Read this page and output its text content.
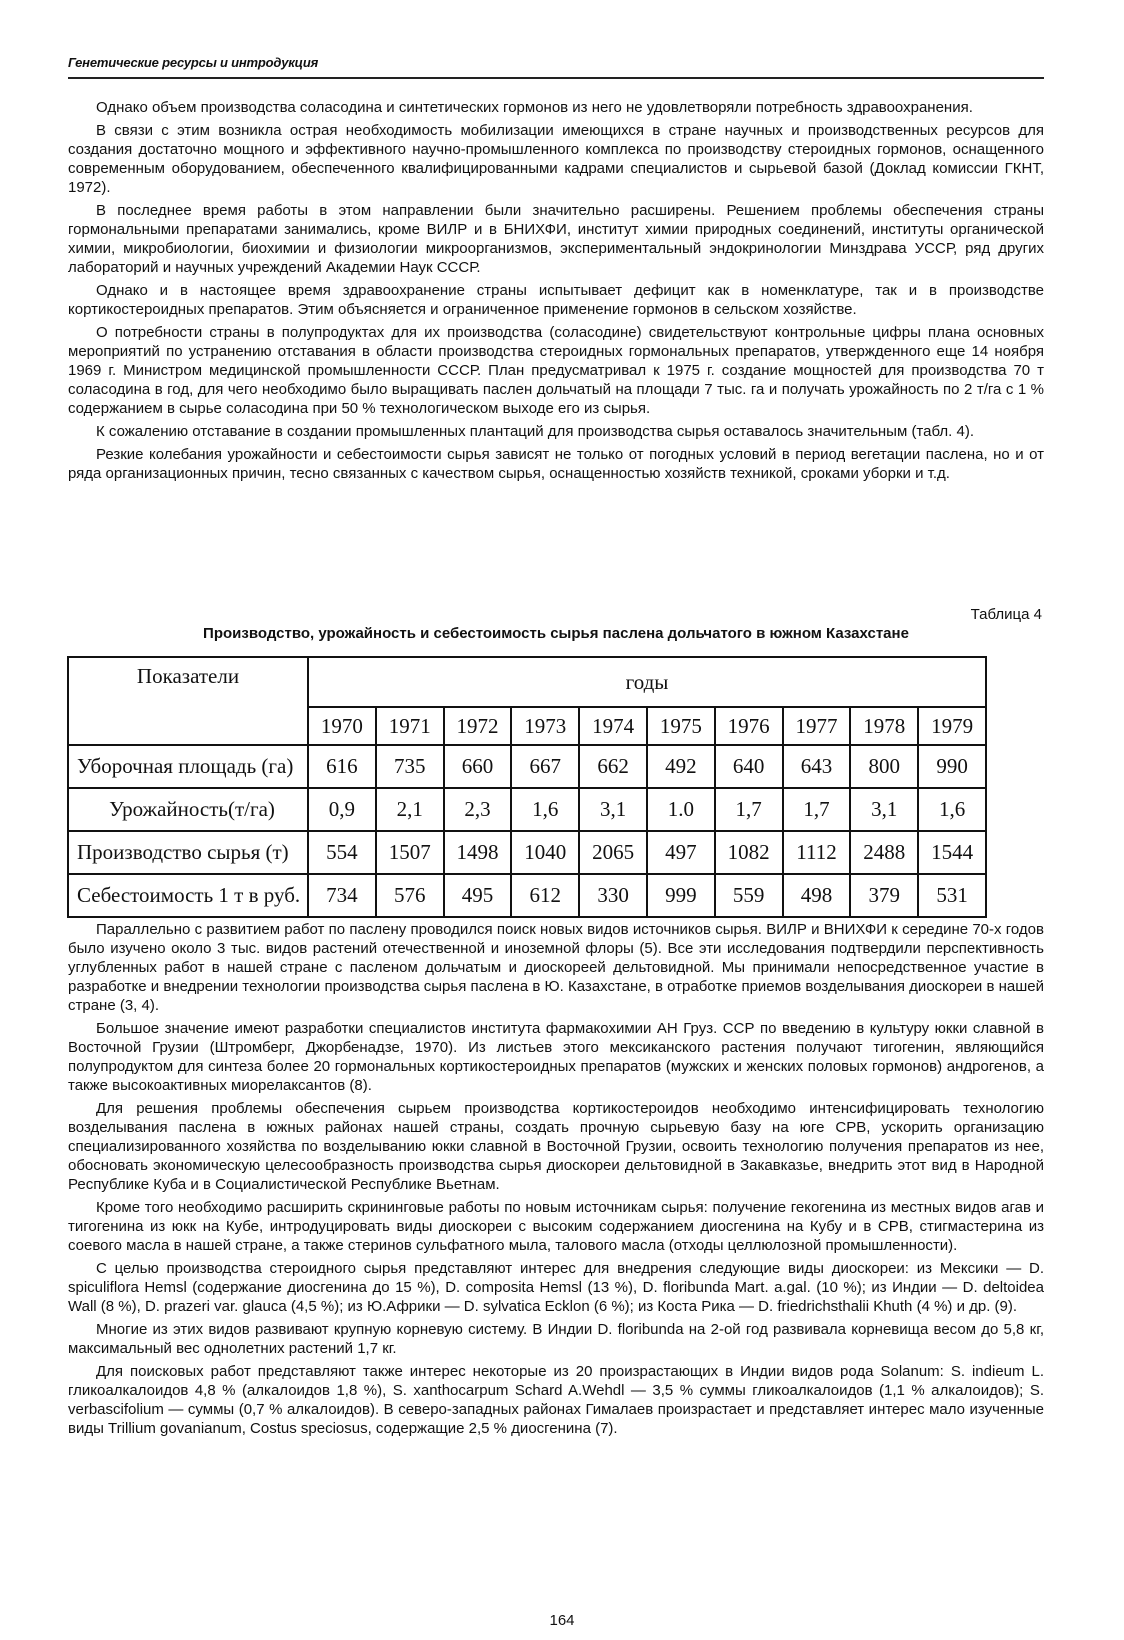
Генетические ресурсы и интродукция

Однако объем производства соласодина и синтетических гормонов из него не удовлетворяли потребность здравоохранения.

В связи с этим возникла острая необходимость мобилизации имеющихся в стране научных и производственных ресурсов для создания достаточно мощного и эффективного научно-промышленного комплекса по производству стероидных гормонов, оснащенного современным оборудованием, обеспеченного квалифицированными кадрами специалистов и сырьевой базой (Доклад комиссии ГКНТ, 1972).

В последнее время работы в этом направлении были значительно расширены. Решением проблемы обеспечения страны гормональными препаратами занимались, кроме ВИЛР и в БНИХФИ, институт химии природных соединений, институты органической химии, микробиологии, биохимии и физиологии микроорганизмов, экспериментальный эндокринологии Минздрава УССР, ряд других лабораторий и научных учреждений Академии Наук СССР.

Однако и в настоящее время здравоохранение страны испытывает дефицит как в номенклатуре, так и в производстве кортикостероидных препаратов. Этим объясняется и ограниченное применение гормонов в сельском хозяйстве.

О потребности страны в полупродуктах для их производства (соласодине) свидетельствуют контрольные цифры плана основных мероприятий по устранению отставания в области производства стероидных гормональных препаратов, утвержденного еще 14 ноября 1969 г. Министром медицинской промышленности СССР. План предусматривал к 1975 г. создание мощностей для производства 70 т соласодина в год, для чего необходимо было выращивать паслен дольчатый на площади 7 тыс. га и получать урожайность по 2 т/га с 1 % содержанием в сырье соласодина при 50 % технологическом выходе его из сырья.

К сожалению отставание в создании промышленных плантаций для производства сырья оставалось значительным (табл. 4).

Резкие колебания урожайности и себестоимости сырья зависят не только от погодных условий в период вегетации паслена, но и от ряда организационных причин, тесно связанных с качеством сырья, оснащенностью хозяйств техникой, сроками уборки и т.д.

Таблица 4
Производство, урожайность и себестоимость сырья паслена дольчатого в южном Казахстане
Показатели	годы									
	1970	1971	1972	1973	1974	1975	1976	1977	1978	1979
Уборочная площадь (га)	616	735	660	667	662	492	640	643	800	990
Урожайность(т/га)	0,9	2,1	2,3	1,6	3,1	1.0	1,7	1,7	3,1	1,6
Производство сырья (т)	554	1507	1498	1040	2065	497	1082	1112	2488	1544
Себестоимость 1 т в руб.	734	576	495	612	330	999	559	498	379	531

Параллельно с развитием работ по паслену проводился поиск новых видов источников сырья. ВИЛР и ВНИХФИ к середине 70-х годов было изучено около 3 тыс. видов растений отечественной и иноземной флоры (5). Все эти исследования подтвердили перспективность углубленных работ в нашей стране с пасленом дольчатым и диоскореей дельтовидной. Мы принимали непосредственное участие в разработке и внедрении технологии производства сырья паслена в Ю. Казахстане, в отработке приемов возделывания диоскореи в нашей стране (3, 4).

Большое значение имеют разработки специалистов института фармакохимии АН Груз. ССР по введению в культуру юкки славной в Восточной Грузии (Штромберг, Джорбенадзе, 1970). Из листьев этого мексиканского растения получают тигогенин, являющийся полупродуктом для синтеза более 20 гормональных кортикостероидных препаратов (мужских и женских половых гормонов) андрогенов, а также высокоактивных миорелаксантов (8).

Для решения проблемы обеспечения сырьем производства кортикостероидов необходимо интенсифицировать технологию возделывания паслена в южных районах нашей страны, создать прочную сырьевую базу на юге СРВ, ускорить организацию специализированного хозяйства по возделыванию юкки славной в Восточной Грузии, освоить технологию получения препаратов из нее, обосновать экономическую целесообразность производства сырья диоскореи дельтовидной в Закавказье, внедрить этот вид в Народной Республике Куба и в Социалистической Республике Вьетнам.

Кроме того необходимо расширить скрининговые работы по новым источникам сырья: получение гекогенина из местных видов агав и тигогенина из юкк на Кубе, интродуцировать виды диоскореи с высоким содержанием диосгенина на Кубу и в СРВ, стигмастерина из соевого масла в нашей стране, а также стеринов сульфатного мыла, талового масла (отходы целлюлозной промышленности).

С целью производства стероидного сырья представляют интерес для внедрения следующие виды диоскореи: из Мексики — D. spiculiflora Hemsl (содержание диосгенина до 15 %), D. composita Hemsl (13 %), D. floribunda Mart. a.gal. (10 %); из Индии — D. deltoidea Wall (8 %), D. prazeri var. glauca (4,5 %); из Ю.Африки — D. sylvatica Ecklon (6 %); из Коста Рика — D. friedrichsthalii Khuth (4 %) и др. (9).

Многие из этих видов развивают крупную корневую систему. В Индии D. floribunda на 2-ой год развивала корневища весом до 5,8 кг, максимальный вес однолетних растений 1,7 кг.

Для поисковых работ представляют также интерес некоторые из 20 произрастающих в Индии видов рода Solanum: S. indieum L. гликоалкалоидов 4,8 % (алкалоидов 1,8 %), S. xanthocarpum Schard A.Wehdl — 3,5 % суммы гликоалкалоидов (1,1 % алкалоидов); S. verbascifolium — суммы (0,7 % алкалоидов). В северо-западных районах Гималаев произрастает и представляет интерес мало изученные виды Trillium govanianum, Costus speciosus, содержащие 2,5 % диосгенина (7).

164
